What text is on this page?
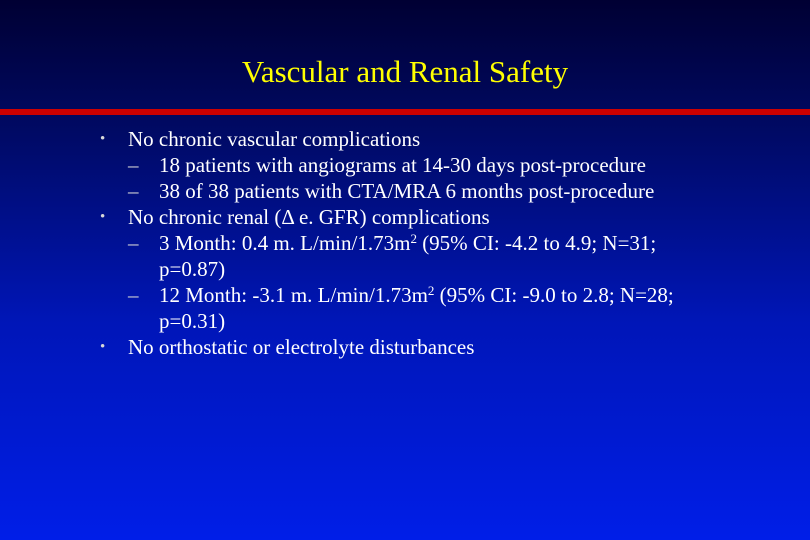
Vascular and Renal Safety
• No chronic vascular complications
– 18 patients with angiograms at 14-30 days post-procedure
– 38 of 38 patients with CTA/MRA 6 months post-procedure
• No chronic renal (Δ e. GFR) complications
– 3 Month: 0.4 m. $L/\min/1.73m^2$ (95% CI: -4.2 to 4.9; N=31;
p=0.87)
– 12 Month: -3.1 m. $L/\min/1.73m^2$ (95% CI: -9.0 to 2.8; N=28;
p=0.31)
• No orthostatic or electrolyte disturbances
